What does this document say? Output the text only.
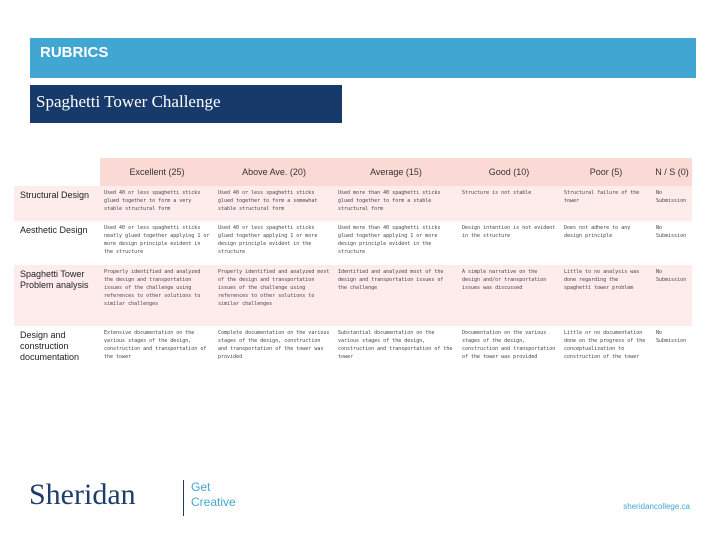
RUBRICS
Spaghetti Tower Challenge
	Excellent (25)	Above Ave. (20)	Average (15)	Good (10)	Poor (5)	N / S (0)
Structural Design	Used 40 or less spaghetti sticks glued together to form a very stable structural form	Used 40 or less spaghetti sticks glued together to form a somewhat stable structural form	Used more than 40 spaghetti sticks glued together to form a stable structural form	Structure is not stable	Structural failure of the tower	No Submission
Aesthetic Design	Used 40 or less spaghetti sticks neatly glued together applying 1 or more design principle evident in the structure	Used 40 or less spaghetti sticks glued together applying 1 or more design principle evident in the structure	Used more than 40 spaghetti sticks glued together applying 1 or more design principle evident in the structure	Design intention is not evident in the structure	Does not adhere to any design principle	No Submission
Spaghetti Tower Problem analysis	Properly identified and analyzed the design and transportation issues of the challenge using references to other solutions to similar challenges	Properly identified and analyzed most of the design and transportation issues of the challenge using references to other solutions to similar challenges	Identified and analyzed most of the design and transportation issues of the challenge	A simple narrative on the design and/or transportation issues was discussed	Little to no analysis was done regarding the spaghetti tower problem	No Submission
Design and construction documentation	Extensive documentation on the various stages of the design, construction and transportation of the tower	Complete documentation on the various stages of the design, construction and transportation of the tower was provided	Substantial documentation on the various stages of the design, construction and transportation of the tower	Documentation on the various stages of the design, construction and transportation of the tower was provided	Little or no documentation done on the progress of the conceptualization to construction of the tower	No Submission
Sheridan	Get Creative	sheridancollege.ca
